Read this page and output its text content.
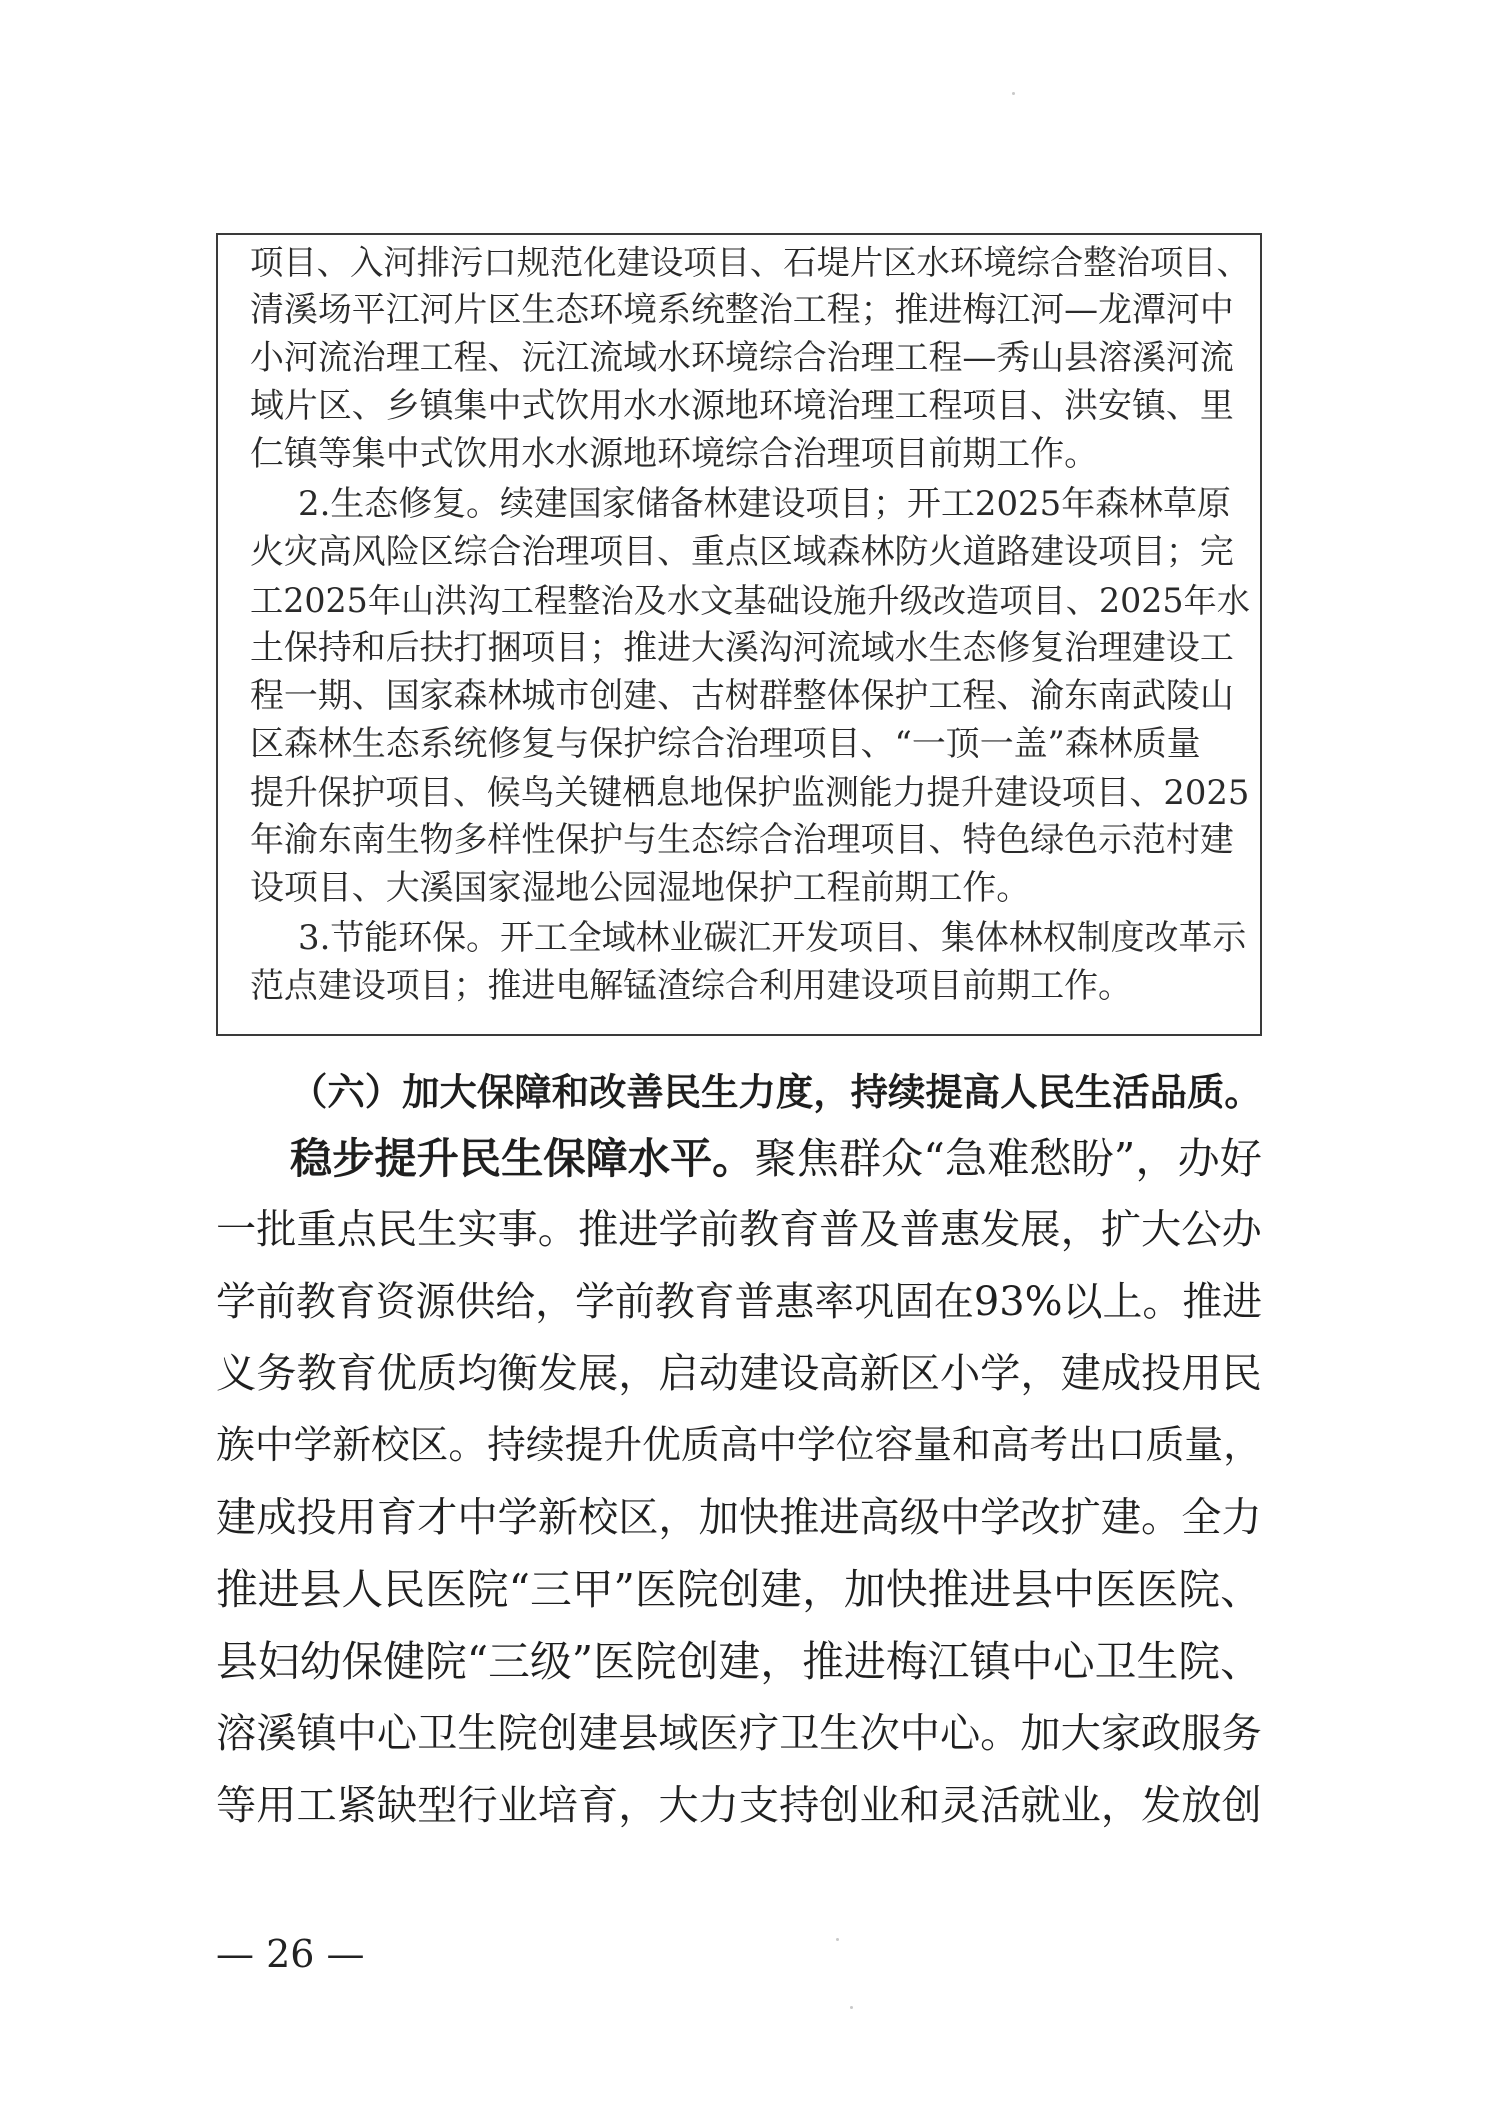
项目、入河排污口规范化建设项目、石堤片区水环境综合整治项目、
清溪场平江河片区生态环境系统整治工程；推进梅江河—龙潭河中
小河流治理工程、沅江流域水环境综合治理工程—秀山县溶溪河流
域片区、乡镇集中式饮用水水源地环境治理工程项目、洪安镇、里
仁镇等集中式饮用水水源地环境综合治理项目前期工作。
2.生态修复。续建国家储备林建设项目；开工2025年森林草原
火灾高风险区综合治理项目、重点区域森林防火道路建设项目；完
工2025年山洪沟工程整治及水文基础设施升级改造项目、2025年水
土保持和后扶打捆项目；推进大溪沟河流域水生态修复治理建设工
程一期、国家森林城市创建、古树群整体保护工程、渝东南武陵山
区森林生态系统修复与保护综合治理项目、“一顶一盖”森林质量
提升保护项目、候鸟关键栖息地保护监测能力提升建设项目、2025
年渝东南生物多样性保护与生态综合治理项目、特色绿色示范村建
设项目、大溪国家湿地公园湿地保护工程前期工作。
3.节能环保。开工全域林业碳汇开发项目、集体林权制度改革示
范点建设项目；推进电解锰渣综合利用建设项目前期工作。
（六）加大保障和改善民生力度，持续提高人民生活品质。
稳步提升民生保障水平。聚焦群众“急难愁盼”，办好
一批重点民生实事。推进学前教育普及普惠发展，扩大公办
学前教育资源供给，学前教育普惠率巩固在93%以上。推进
义务教育优质均衡发展，启动建设高新区小学，建成投用民
族中学新校区。持续提升优质高中学位容量和高考出口质量，
建成投用育才中学新校区，加快推进高级中学改扩建。全力
推进县人民医院“三甲”医院创建，加快推进县中医医院、
县妇幼保健院“三级”医院创建，推进梅江镇中心卫生院、
溶溪镇中心卫生院创建县域医疗卫生次中心。加大家政服务
等用工紧缺型行业培育，大力支持创业和灵活就业，发放创
— 26 —
